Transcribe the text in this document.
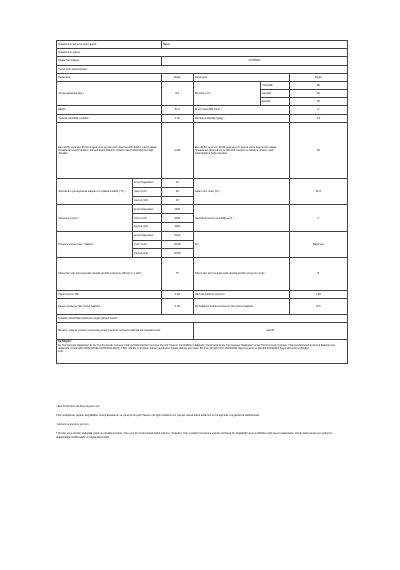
Tedarikçinin adı veya ticari işareti:		BEGA			
Tedarikçinin adresi:					
Model Tanımlayıcı:		CM7800D			
Genel ürün parametreleri:					
Parametre		Değer	Parametre		Değer
Anma kapasitesi (kg) ᵃ		8,0	Boyutlar (cm)	Yükseklik	85
				Genişlik	60
				Derinlik	55
EEIW ᵃ		52,2	Enerji Verimliliği Sınıfı ᵃ		A
Yıkama verimliliği endeksi ᵃ		1,03	Durulama etkinliği (g/kg) ᵃ		5,0
Eko 40-60 veya eco 40-60 programının şeyrek yıkım başına kWh (kWh / yıkım) olarak hesaplanan enerji tüketimi. Gerçek enerji tüketimi, cihazın nasıl kullanıldığına bağlı olacaktır.		0,496	Eko 40-60 veya eco 40-60 programının şeyrek yıkım başına litre olarak hesaplanan (litre/yıkım) su tüketimi. Gerçek su tüketimi, cihazın nasıl kullanıldığına bağlı olacaktır.		50
Temizlenen çamaşırlarda ulaşılan en yüksek sıcaklık (°C) ᵃ	Anma Kapasitesi	40	Kalan nem oranı (%) ᵃ		62,6
	Yarım (1/2)	28			
	Çeyrek (1/4)	28			
Sıkma hızı (rpm) ᵃ	Anma Kapasitesi	1000	Santrifüj kurutma verimliliği sınıfı ᵃ		C
	Yarım (1/2)	1000			
	Çeyrek (1/4)	1000			
Program süresi (saat : dakika) ᵃ	Anma Kapasitesi	03:40	Tip		Bağımsız
	Yarım (1/2)	02:58			
	Çeyrek (1/4)	02:58			
Sıkma fazı için hava kaynaklı akustik gürültü emisyonu (dB (A) re 1 pW) ᵃ		75	Sıkma fazı için hava kaynaklı akustik gürültü emisyonu sınıfı ᵃ		B
Kapalı konum (W)		0,50	Hazırda bekleme konumu		1,00
Zaman erteleme (W) (ürüne bağlıdır)		4,00	Ağ bağlantılı bekleme konumu (W) (ürüne bağlıdır)		N/A
Tedarikçi tarafından belirlenen asgari garanti süresi:					
Bu ürün, yıkama yönetimi sırasında gümüş iyonlarını serbest bırakmak için tasarlanmıştır.			HAYIR		

Ek Bilgiler:
Ev Tipi Çamaşır Makineleri İle Ev Tipi Kurutmalı Çamaşır Yıkama Makinelerinin Çevreye Duyarlı Tasarım Gereklilikleri Hakkında Yönetmelik ile Ev Tipi Çamaşır Makineleri ve Ev Tipi Kurutmalı Çamaşır Yıkama Makinelerinin Enerji Etiketlemesi Hakkında Yönetmelik (2009/125/EU-1030/2021/2019) 4 Bkz. Madde 6 ile ilişkin olarak yayınlanan bilgiler dikkate alınmıştır. Bu ürün; Direktif (KK) 2019/2023 Sayılı sürümü ve Direktif 2019/2014 Sayılı düzenleme Bilgileri
Link					

ᵃ Eko 40-60 (Eco 40-60) programı için.

b Bu modellerde yapılan değişiklikler, Enerji Etiketleme ve Çevreye Duyarlı Tasarım ile ilgili modellerin bir parçası olarak kabul edilemez ve bir ilgili kamu organlarına bildirilecektir.

ᶜ Hizmet ve kurulum yeri için.

ᵈ Ürünler veya ürünler değişiklik yapılmış olmakla beraber, ürün yeni bir model olarak kabul edilmez. Tedarikçi, ürün modelin kümelerine yapılan herhangi bir değişikliği kamuya bildirilen ilgili ulusal makamlarla, teknik dokümantasyon verilerinin değiştirildiğini bildirmelidir ve bilgilendirilmelidir.
